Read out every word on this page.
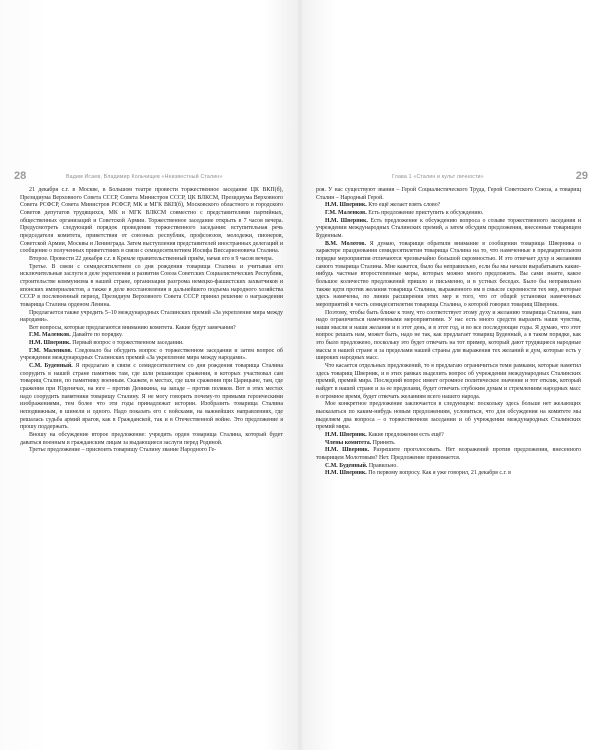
28	Вадим Исаев, Владимир Кольчищев «Неизвестный Сталин»

21 декабря с.г. в Москве, в Большом театре провести торжественное заседание ЦК ВКП(б), Президиума Верховного Совета СССР, Совета Министров СССР, ЦК ВЛКСМ, Президиума Верховного Совета РСФСР, Совета Министров РСФСР, МК и МГК ВКП(б), Московского областного и городского Советов депутатов трудящихся, МК и МГК ВЛКСМ совместно с представителями партийных, общественных организаций и Советской Армии. Торжественное заседание открыть в 7 часов вечера. Предусмотреть следующий порядок проведения торжественного заседания: вступительная речь председателя комитета, приветствия от союзных республик, профсоюзов, молодежи, пионеров, Советской Армии, Москвы и Ленинграда. Затем выступления представителей иностранных делегаций и сообщение о полученных приветствиях в связи с семидесятилетием Иосифа Виссарионовича Сталина.

Второе. Провести 22 декабря с.г. в Кремле правительственный приём, начав его в 9 часов вечера.

Третье. В связи с семидесятилетием со дня рождения товарища Сталина и учитывая его исключительные заслуги в деле укрепления и развития Союза Советских Социалистических Республик, строительстве коммунизма в нашей стране, организации разгрома немецко-фашистских захватчиков и японских империалистов, а также в деле восстановления и дальнейшего подъема народного хозяйства СССР в послевоенный период, Президиум Верховного Совета СССР принял решение о награждении товарища Сталина орденом Ленина.

Предлагается также учредить 5–10 международных Сталинских премий «За укрепление мира между народами».

Вот вопросы, которые предлагаются вниманию комитета. Какие будут замечания?

Г.М. Маленков. Давайте по порядку.

Н.М. Шверник. Первый вопрос о торжественном заседании.

Г.М. Маленков. Следовало бы обсудить вопрос о торжественном заседании и затем вопрос об учреждении международных Сталинских премий «За укрепление мира между народами».

С.М. Буденный. Я предлагаю в связи с семидесятилетием со дня рождения товарища Сталина соорудить в нашей стране памятник там, где шли решающие сражения, в которых участвовал сам товарищ Сталин, по памятнику военным. Скажем, в местах, где шли сражения при Царицыне, там, где сражения при Юденичах, на юге – против Деникина, на западе – против поляков. Вот в этих местах надо соорудить памятники товарищу Сталину. Я не могу говорить почему-то прямыми героическими изображениями, тем более что эти годы принадлежат истории. Изобразить товарища Сталина неподвижным, в шинели и одного. Надо показать его с войсками, на важнейших направлениях, где решалась судьба армий врагов, как в Гражданской, так и в Отечественной войне. Это предложение я прошу поддержать.

Вношу на обсуждение второе предложение: учредить орден товарища Сталина, который будет даваться военным и гражданским лицам за выдающиеся заслуги перед Родиной.

Третье предложение – присвоить товарищу Сталину звание Народного Ге-

Глава 1 «Сталин и культ личности»	29

роя. У нас существуют звания – Герой Социалистического Труда, Герой Советского Союза, а товарищ Сталин – Народный Герой.

Н.М. Шверник. Кто ещё желает взять слово?

Г.М. Маленков. Есть предложение приступить к обсуждению.

Н.М. Шверник. Есть предложение к обсуждению вопроса о созыве торжественного заседания и учреждении международных Сталинских премий, а затем обсудим предложения, внесенные товарищем Буденным.

В.М. Молотов. Я думаю, товарищи обратили внимание в сообщении товарища Шверника о характере празднования семидесятилетия товарища Сталина на то, что намеченные в предварительном порядке мероприятия отличаются чрезвычайно большой скромностью. И это отвечает духу и желаниям самого товарища Сталина. Мне кажется, было бы неправильно, если бы мы начали вырабатывать какие-нибудь частные второстепенные меры, которых можно много предложить. Вы сами знаете, какое большое количество предложений пришло и письменно, и в устных беседах. Было бы неправильно также идти против желания товарища Сталина, выраженного им в смысле скромности тех мер, которые здесь намечены, по линии расширения этих мер и того, что от общей установки намеченных мероприятий в честь семидесятилетия товарища Сталина, о которой говорил товарищ Шверник.

Поэтому, чтобы быть ближе к тому, что соответствует этому духу и желанию товарища Сталина, нам надо ограничиться намеченными мероприятиями. У нас есть много средств выразить наши чувства, наши мысли и наши желания и в этот день, и в этот год, и во все последующие годы. Я думаю, что этот вопрос решать нам, может быть, надо не так, как предлагает товарищ Буденный, а в таком порядке, как это было предложено, поскольку это будет отвечать на тот пример, который дают трудящиеся народные массы в нашей стране и за пределами нашей страны для выражения тех желаний и дум, которые есть у широких народных масс.

Что касается отдельных предложений, то я предлагаю ограничиться теми рамками, которые наметил здесь товарищ Шверник, и в этих рамках выделить вопрос об учреждении международных Сталинских премий, премий мира. Последний вопрос имеет огромное политическое значение и тот отклик, который найдет в нашей стране и за ее пределами, будет отвечать глубоким думам и стремлениям народных масс в огромное время, будет отвечать желаниям всего нашего народа.

Мое конкретное предложение заключается в следующем: поскольку здесь больше нет желающих высказаться по каким-нибудь новым предложениям, условиться, что для обсуждения на комитете мы выделяем два вопроса – о торжественном заседании и об учреждении международных Сталинских премий мира.

Н.М. Шверник. Какие предложения есть ещё?

Члены комитета. Принять.

Н.М. Шверник. Разрешите проголосовать. Нет возражений против предложения, внесенного товарищем Молотовым? Нет. Предложение принимается.

С.М. Буденный. Правильно.

Н.М. Шверник. По первому вопросу. Как я уже говорил, 21 декабря с.г. в
